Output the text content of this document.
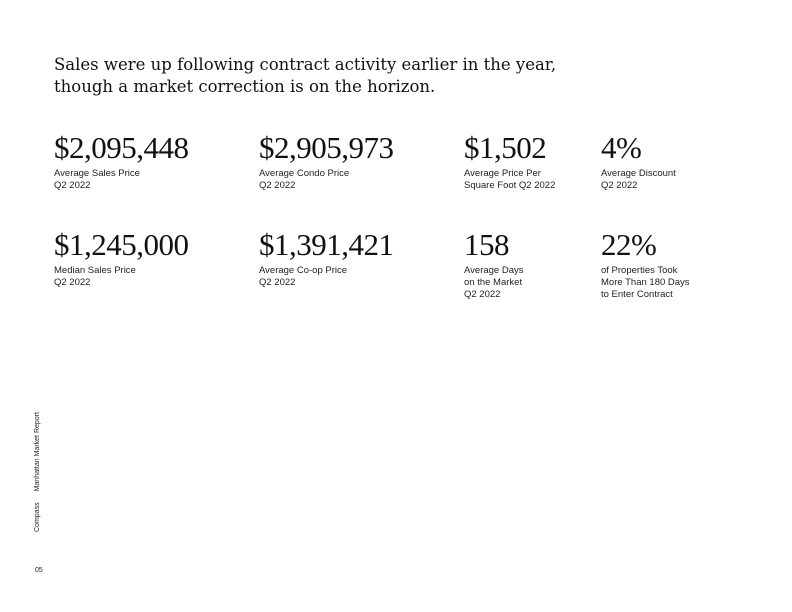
Sales were up following contract activity earlier in the year,
though a market correction is on the horizon.
$2,095,448
Average Sales Price
Q2 2022
$2,905,973
Average Condo Price
Q2 2022
$1,502
Average Price Per
Square Foot Q2 2022
4%
Average Discount
Q2 2022
$1,245,000
Median Sales Price
Q2 2022
$1,391,421
Average Co-op Price
Q2 2022
158
Average Days
on the Market
Q2 2022
22%
of Properties Took
More Than 180 Days
to Enter Contract
CompassManhattan Market Report
05
